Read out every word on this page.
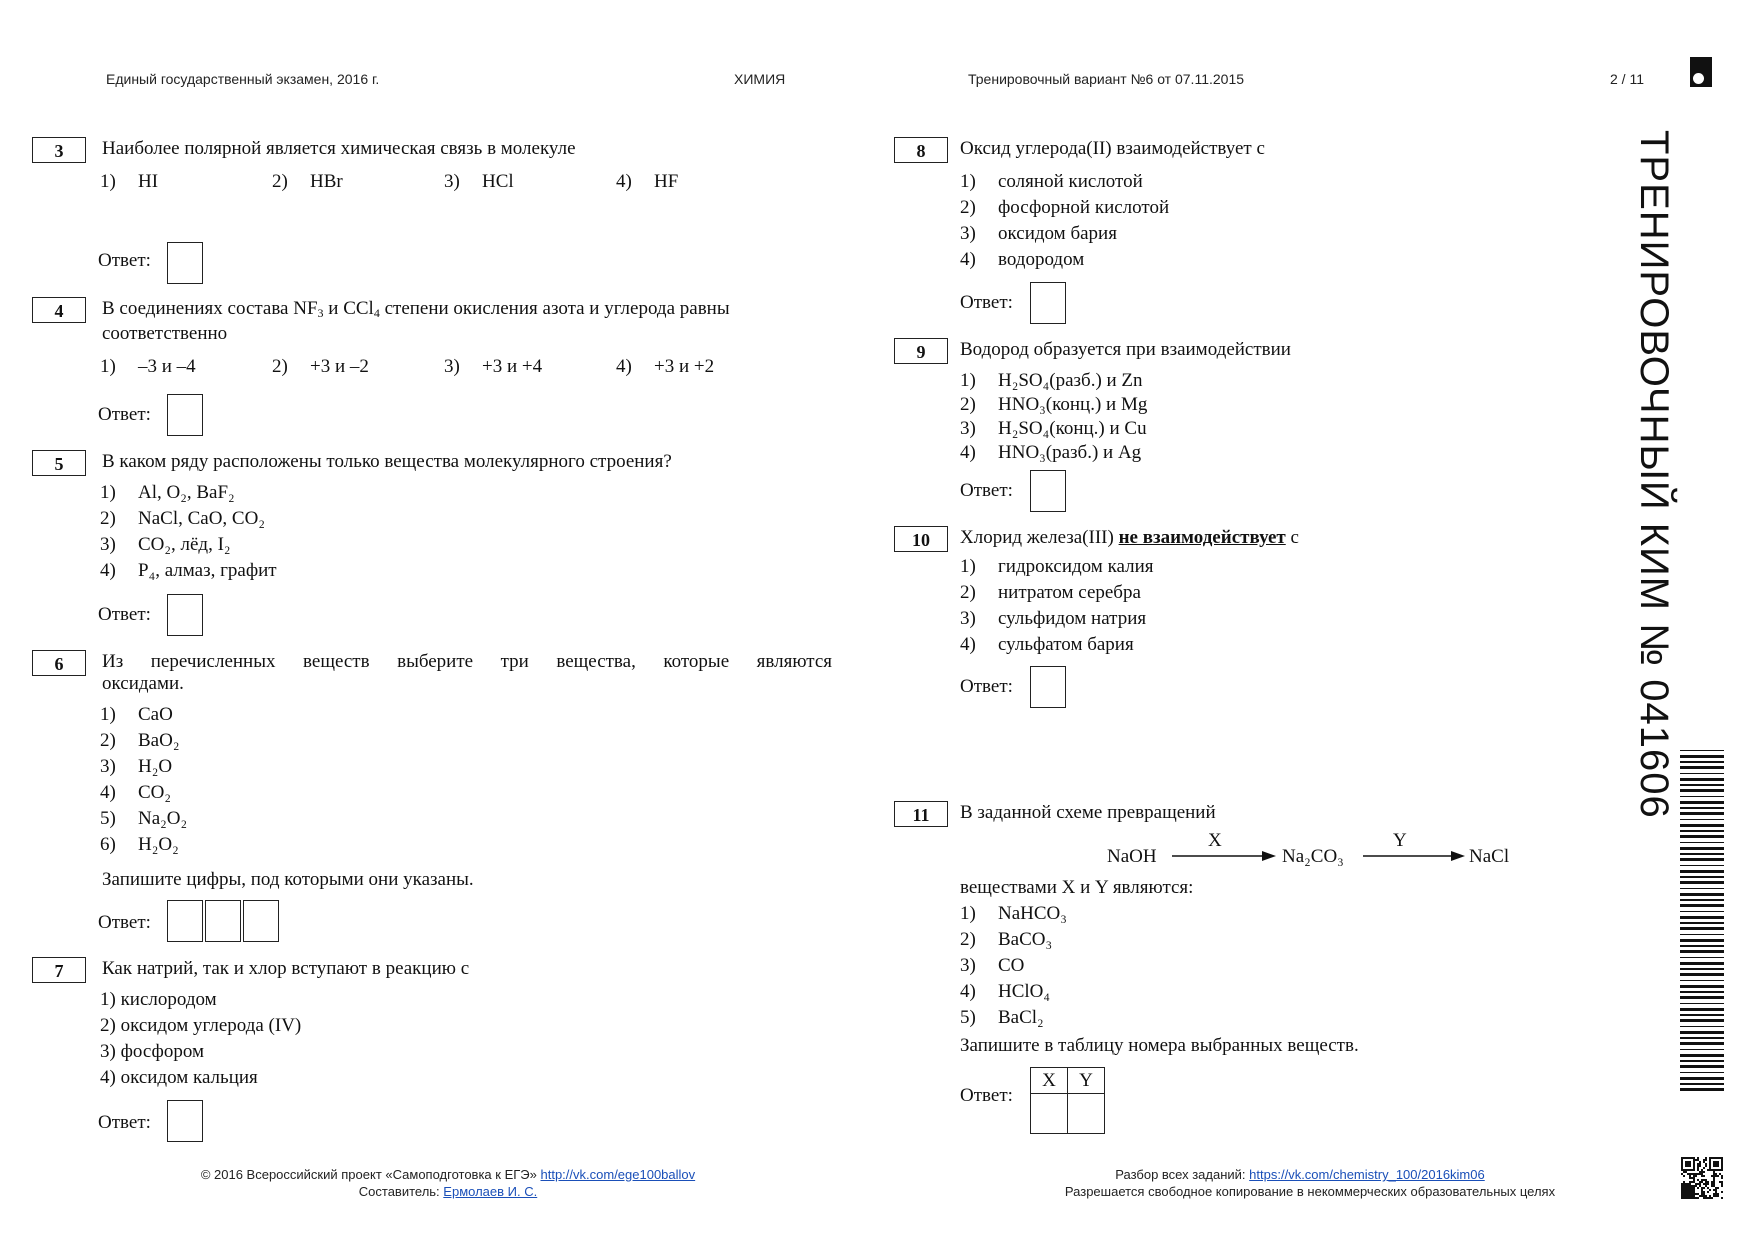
Единый государственный экзамен, 2016 г.	ХИМИЯ	Тренировочный вариант №6 от 07.11.2015	2 / 11
ТРЕНИРОВОЧНЫЙ КИМ № 041606
3	Наиболее полярной является химическая связь в молекуле
1) HI	2) HBr	3) HCl	4) HF
Ответ:
4	В соединениях состава $NF_3$ и CCl$_4$ степени окисления азота и углерода равны
соответственно
1) –3 и –4	2) +3 и –2	3) +3 и +4	4) +3 и +2
Ответ:
5	В каком ряду расположены только вещества молекулярного строения?
1) Al, O₂, BaF₂
2) NaCl, CaO, CO₂
3) CO₂, лёд, I₂
4) P₄, алмаз, графит
Ответ:
6	Из перечисленных веществ выберите три вещества, которые являются
оксидами.
1) CaO
2) BaO₂
3) H₂O
4) CO₂
5) Na₂O₂
6) H₂O₂
Запишите цифры, под которыми они указаны.
Ответ:
7	Как натрий, так и хлор вступают в реакцию с
1) кислородом
2) оксидом углерода (IV)
3) фосфором
4) оксидом кальция
Ответ:
8	Оксид углерода(II) взаимодействует с
1) соляной кислотой
2) фосфорной кислотой
3) оксидом бария
4) водородом
Ответ:
9	Водород образуется при взаимодействии
1) H₂SO₄(разб.) и Zn
2) HNO₃(конц.) и Mg
3) H₂SO₄(конц.) и Cu
4) HNO₃(разб.) и Ag
Ответ:
10	Хлорид железа(III) не взаимодействует с
1) гидроксидом калия
2) нитратом серебра
3) сульфидом натрия
4) сульфатом бария
Ответ:
11	В заданной схеме превращений
NaOH
X
Na₂CO₃
Y
NaCl
веществами X и Y являются:
1) NaHCO₃
2) BaCO₃
3) CO
4) HClO₄
5) BaCl₂
Запишите в таблицу номера выбранных веществ.
Ответ:
X	Y

© 2016 Всероссийский проект «Самоподготовка к ЕГЭ» http://vk.com/ege100ballov
Составитель: Ермолаев И. С.
Разбор всех заданий: https://vk.com/chemistry_100/2016kim06
Разрешается свободное копирование в некоммерческих образовательных целях
